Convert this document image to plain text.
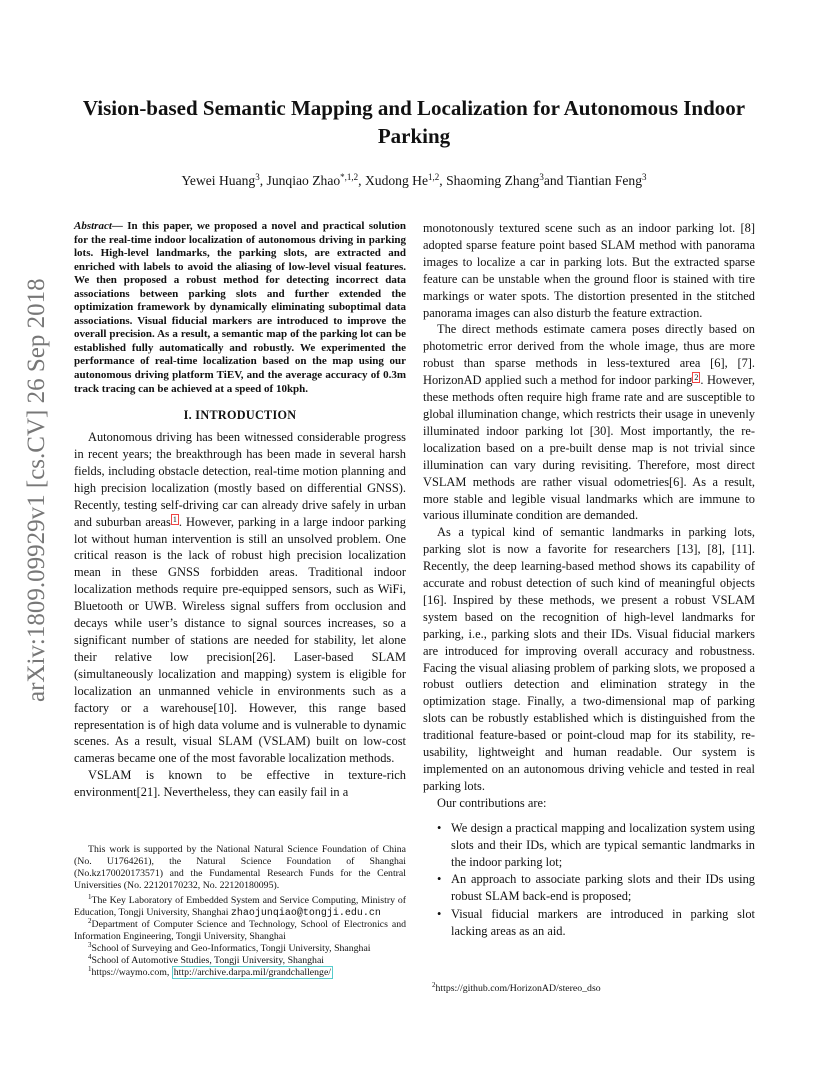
Vision-based Semantic Mapping and Localization for Autonomous Indoor Parking

Yewei Huang$^3$, Junqiao Zhao$^{*,1,2}$, Xudong He$^{1,2}$, Shaoming Zhang$^3$and Tiantian Feng$^3$

arXiv:1809.09929v1 [cs.CV] 26 Sep 2018

Abstract— In this paper, we proposed a novel and practical solution for the real-time indoor localization of autonomous driving in parking lots. High-level landmarks, the parking slots, are extracted and enriched with labels to avoid the aliasing of low-level visual features. We then proposed a robust method for detecting incorrect data associations between parking slots and further extended the optimization framework by dynamically eliminating suboptimal data associations. Visual fiducial markers are introduced to improve the overall precision. As a result, a semantic map of the parking lot can be established fully automatically and robustly. We experimented the performance of real-time localization based on the map using our autonomous driving platform TiEV, and the average accuracy of 0.3m track tracing can be achieved at a speed of 10kph.

I. INTRODUCTION

Autonomous driving has been witnessed considerable progress in recent years; the breakthrough has been made in several harsh fields, including obstacle detection, real-time motion planning and high precision localization (mostly based on differential GNSS). Recently, testing self-driving car can already drive safely in urban and suburban areas $^1$ . However, parking in a large indoor parking lot without human intervention is still an unsolved problem. One critical reason is the lack of robust high precision localization mean in these GNSS forbidden areas. Traditional indoor localization methods require pre-equipped sensors, such as WiFi, Bluetooth or UWB. Wireless signal suffers from occlusion and decays while user’s distance to signal sources increases, so a significant number of stations are needed for stability, let alone their relative low precision[26]. Laser-based SLAM (simultaneously localization and mapping) system is eligible for localization an unmanned vehicle in environments such as a factory or a warehouse[10]. However, this range based representation is of high data volume and is vulnerable to dynamic scenes. As a result, visual SLAM (VSLAM) built on low-cost cameras became one of the most favorable localization methods.

VSLAM is known to be effective in texture-rich environment[21]. Nevertheless, they can easily fail in a

monotonously textured scene such as an indoor parking lot. [8] adopted sparse feature point based SLAM method with panorama images to localize a car in parking lots. But the extracted sparse feature can be unstable when the ground floor is stained with tire markings or water spots. The distortion presented in the stitched panorama images can also disturb the feature extraction.

The direct methods estimate camera poses directly based on photometric error derived from the whole image, thus are more robust than sparse methods in less-textured area [6], [7]. HorizonAD applied such a method for indoor parking $^2$ . However, these methods often require high frame rate and are susceptible to global illumination change, which restricts their usage in unevenly illuminated indoor parking lot [30]. Most importantly, the re-localization based on a pre-built dense map is not trivial since illumination can vary during revisiting. Therefore, most direct VSLAM methods are rather visual odometries[6]. As a result, more stable and legible visual landmarks which are immune to various illuminate condition are demanded.

As a typical kind of semantic landmarks in parking lots, parking slot is now a favorite for researchers [13], [8], [11]. Recently, the deep learning-based method shows its capability of accurate and robust detection of such kind of meaningful objects [16]. Inspired by these methods, we present a robust VSLAM system based on the recognition of high-level landmarks for parking, i.e., parking slots and their IDs. Visual fiducial markers are introduced for improving overall accuracy and robustness. Facing the visual aliasing problem of parking slots, we proposed a robust outliers detection and elimination strategy in the optimization stage. Finally, a two-dimensional map of parking slots can be robustly established which is distinguished from the traditional feature-based or point-cloud map for its stability, re-usability, lightweight and human readable. Our system is implemented on an autonomous driving vehicle and tested in real parking lots.

Our contributions are:

• We design a practical mapping and localization system using slots and their IDs, which are typical semantic landmarks in the indoor parking lot;
• An approach to associate parking slots and their IDs using robust SLAM back-end is proposed;
• Visual fiducial markers are introduced in parking slot lacking areas as an aid.

This work is supported by the National Natural Science Foundation of China (No. U1764261), the Natural Science Foundation of Shanghai (No.kz170020173571) and the Fundamental Research Funds for the Central Universities (No. 22120170232, No. 22120180095).

$^1$The Key Laboratory of Embedded System and Service Computing, Ministry of Education, Tongji University, Shanghai zhaojunqiao@tongji.edu.cn

$^2$Department of Computer Science and Technology, School of Electronics and Information Engineering, Tongji University, Shanghai

$^3$School of Surveying and Geo-Informatics, Tongji University, Shanghai

$^4$School of Automotive Studies, Tongji University, Shanghai

$^1$https://waymo.com, http://archive.darpa.mil/grandchallenge/

$^2$https://github.com/HorizonAD/stereo_dso
